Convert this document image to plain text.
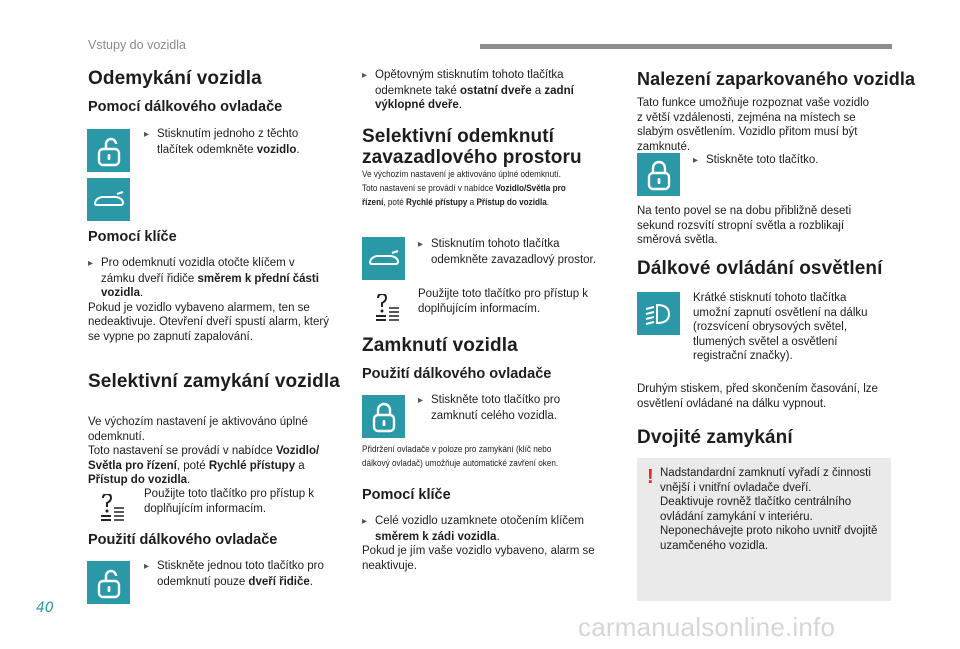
Vstupy do vozidla
Odemykání vozidla
Pomocí dálkového ovladače
▸ Stisknutím jednoho z těchto
tlačítek odemkněte vozidlo.
Pomocí klíče
▸ Pro odemknutí vozidla otočte klíčem v
zámku dveří řidiče směrem k přední části
vozidla.
Pokud je vozidlo vybaveno alarmem, ten se
nedeaktivuje. Otevření dveří spustí alarm, který
se vypne po zapnutí zapalování.
Selektivní zamykání vozidla
Ve výchozím nastavení je aktivováno úplné
odemknutí.
Toto nastavení se provádí v nabídce Vozidlo/
Světla pro řízení, poté Rychlé přístupy a
Přístup do vozidla.
Použijte toto tlačítko pro přístup k
doplňujícím informacím.
Použití dálkového ovladače
▸ Stiskněte jednou toto tlačítko pro
odemknutí pouze dveří řidiče.
▸ Opětovným stisknutím tohoto tlačítka
odemknete také ostatní dveře a zadní
výklopné dveře.
Selektivní odemknutí
zavazadlového prostoru
Ve výchozím nastavení je aktivováno úplné odemknutí.
Toto nastavení se provádí v nabídce Vozidlo/Světla pro
řízení, poté Rychlé přístupy a Přístup do vozidla.
▸ Stisknutím tohoto tlačítka
odemkněte zavazadlový prostor.
Použijte toto tlačítko pro přístup k
doplňujícím informacím.
Zamknutí vozidla
Použití dálkového ovladače
▸ Stiskněte toto tlačítko pro
zamknutí celého vozidla.
Přidržení ovladače v poloze pro zamykání (klíč nebo
dálkový ovladač) umožňuje automatické zavření oken.
Pomocí klíče
▸ Celé vozidlo uzamknete otočením klíčem
směrem k zádi vozidla.
Pokud je jím vaše vozidlo vybaveno, alarm se
neaktivuje.
Nalezení zaparkovaného vozidla
Tato funkce umožňuje rozpoznat vaše vozidlo
z větší vzdálenosti, zejména na místech se
slabým osvětlením. Vozidlo přitom musí být
zamknuté.
▸ Stiskněte toto tlačítko.
Na tento povel se na dobu přibližně deseti
sekund rozsvítí stropní světla a rozblikají
směrová světla.
Dálkové ovládání osvětlení
Krátké stisknutí tohoto tlačítka
umožní zapnutí osvětlení na dálku
(rozsvícení obrysových světel,
tlumených světel a osvětlení
registrační značky).
Druhým stiskem, před skončením časování, lze
osvětlení ovládané na dálku vypnout.
Dvojité zamykání
! Nadstandardní zamknutí vyřadí z činnosti
vnější i vnitřní ovladače dveří.
Deaktivuje rovněž tlačítko centrálního
ovládání zamykání v interiéru.
Neponechávejte proto nikoho uvnitř dvojitě
uzamčeného vozidla.
40
carmanualsonline.info
